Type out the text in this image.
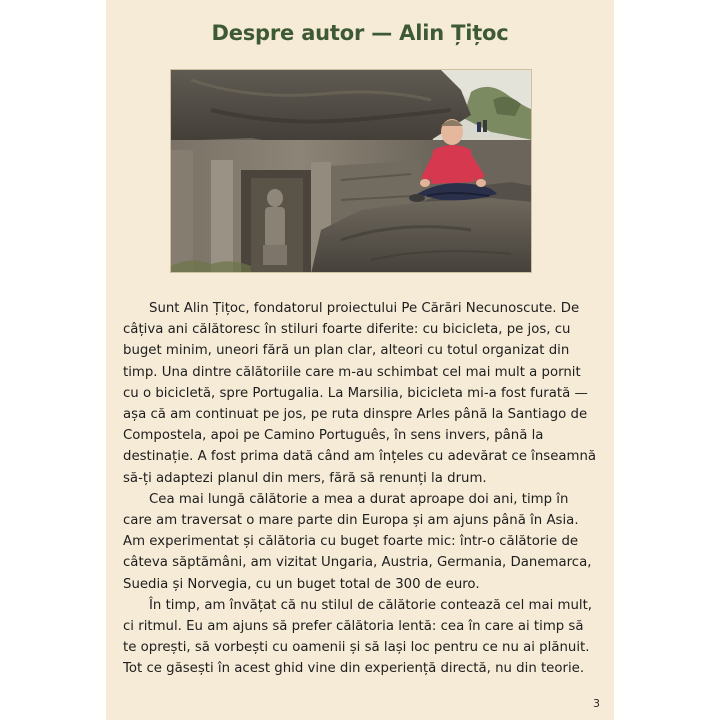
Despre autor — Alin Țițoc

Sunt Alin Țițoc, fondatorul proiectului Pe Cărări Necunoscute. De câțiva ani călătoresc în stiluri foarte diferite: cu bicicleta, pe jos, cu buget minim, uneori fără un plan clar, alteori cu totul organizat din timp. Una dintre călătoriile care m-au schimbat cel mai mult a pornit cu o bicicletă, spre Portugalia. La Marsilia, bicicleta mi-a fost furată — așa că am continuat pe jos, pe ruta dinspre Arles până la Santiago de Compostela, apoi pe Camino Português, în sens invers, până la destinație. A fost prima dată când am înțeles cu adevărat ce înseamnă să-ți adaptezi planul din mers, fără să renunți la drum.

Cea mai lungă călătorie a mea a durat aproape doi ani, timp în care am traversat o mare parte din Europa și am ajuns până în Asia. Am experimentat și călătoria cu buget foarte mic: într-o călătorie de câteva săptămâni, am vizitat Ungaria, Austria, Germania, Danemarca, Suedia și Norvegia, cu un buget total de 300 de euro.

În timp, am învățat că nu stilul de călătorie contează cel mai mult, ci ritmul. Eu am ajuns să prefer călătoria lentă: cea în care ai timp să te oprești, să vorbești cu oamenii și să lași loc pentru ce nu ai plănuit. Tot ce găsești în acest ghid vine din experiență directă, nu din teorie.

3
